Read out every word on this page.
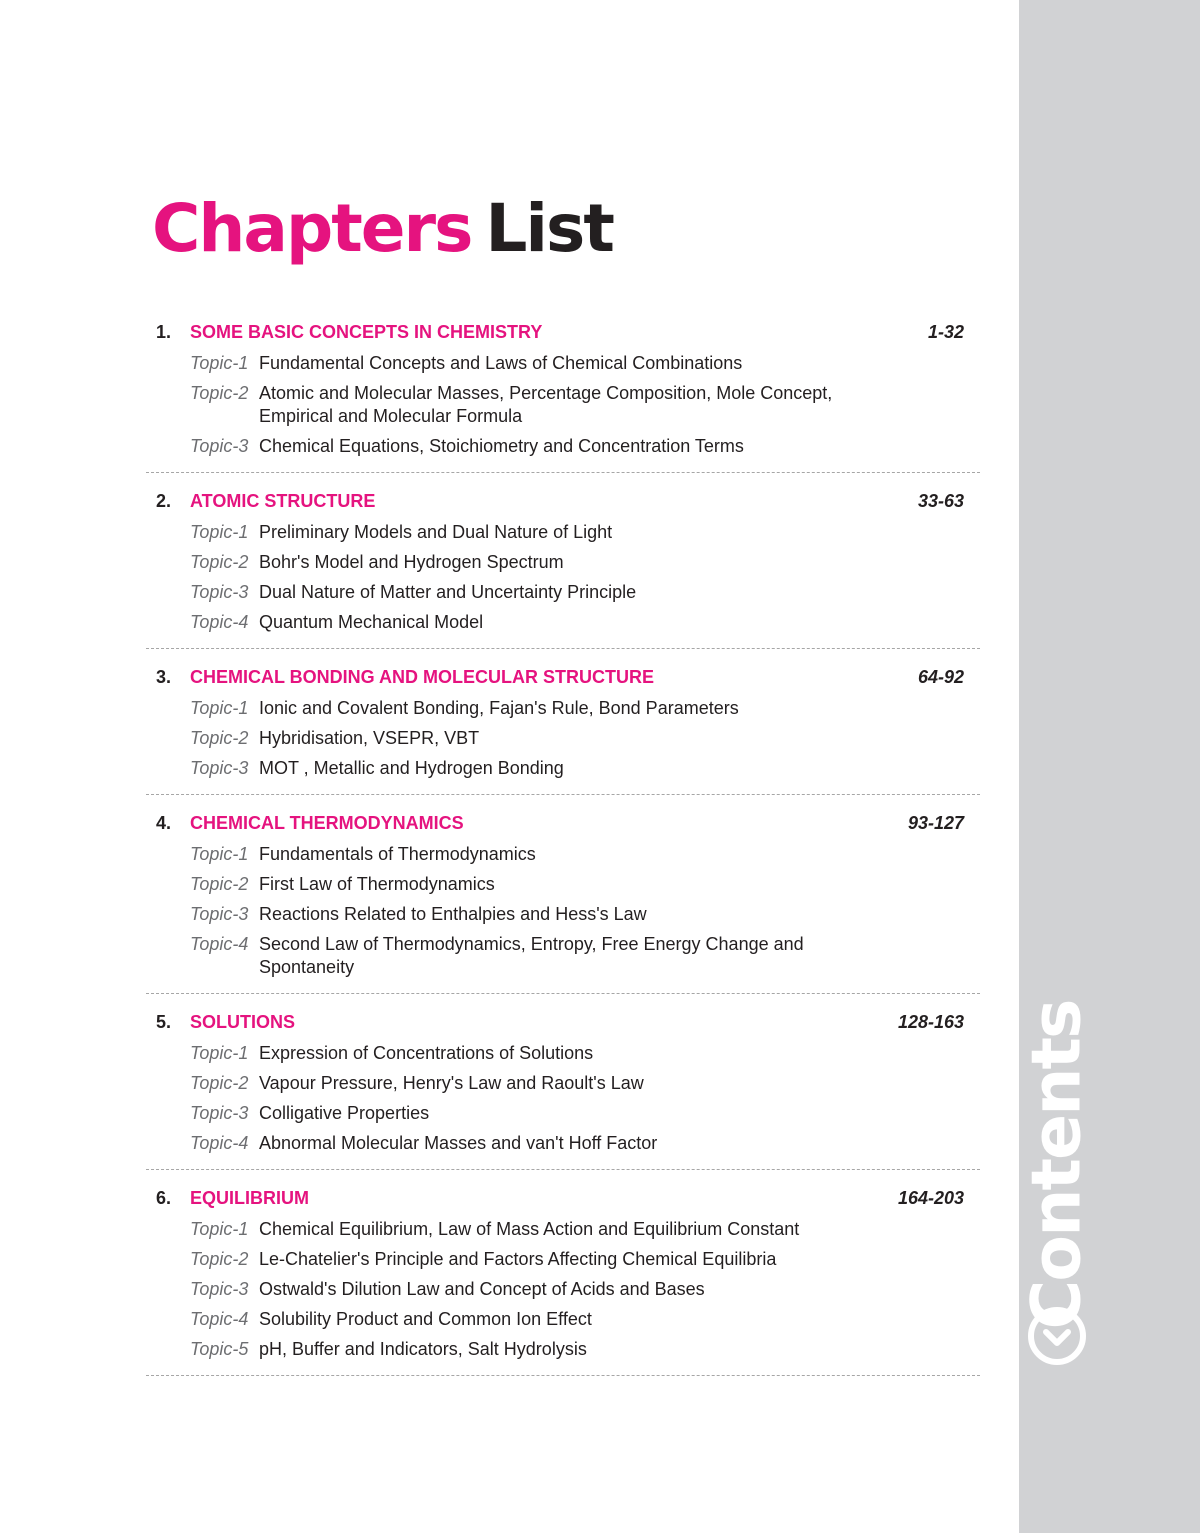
Contents
Chapters List
1.	SOME BASIC CONCEPTS IN CHEMISTRY	1-32
Topic-1 Fundamental Concepts and Laws of Chemical Combinations
Topic-2 Atomic and Molecular Masses, Percentage Composition, Mole Concept, Empirical and Molecular Formula
Topic-3 Chemical Equations, Stoichiometry and Concentration Terms
2.	ATOMIC STRUCTURE	33-63
Topic-1 Preliminary Models and Dual Nature of Light
Topic-2 Bohr's Model and Hydrogen Spectrum
Topic-3 Dual Nature of Matter and Uncertainty Principle
Topic-4 Quantum Mechanical Model
3.	CHEMICAL BONDING AND MOLECULAR STRUCTURE	64-92
Topic-1 Ionic and Covalent Bonding, Fajan's Rule, Bond Parameters
Topic-2 Hybridisation, VSEPR, VBT
Topic-3 MOT , Metallic and Hydrogen Bonding
4.	CHEMICAL THERMODYNAMICS	93-127
Topic-1 Fundamentals of Thermodynamics
Topic-2 First Law of Thermodynamics
Topic-3 Reactions Related to Enthalpies and Hess's Law
Topic-4 Second Law of Thermodynamics, Entropy, Free Energy Change and Spontaneity
5.	SOLUTIONS	128-163
Topic-1 Expression of Concentrations of Solutions
Topic-2 Vapour Pressure, Henry's Law and Raoult's Law
Topic-3 Colligative Properties
Topic-4 Abnormal Molecular Masses and van't Hoff Factor
6.	EQUILIBRIUM	164-203
Topic-1 Chemical Equilibrium, Law of Mass Action and Equilibrium Constant
Topic-2 Le-Chatelier's Principle and Factors Affecting Chemical Equilibria
Topic-3 Ostwald's Dilution Law and Concept of Acids and Bases
Topic-4 Solubility Product and Common Ion Effect
Topic-5 pH, Buffer and Indicators, Salt Hydrolysis
